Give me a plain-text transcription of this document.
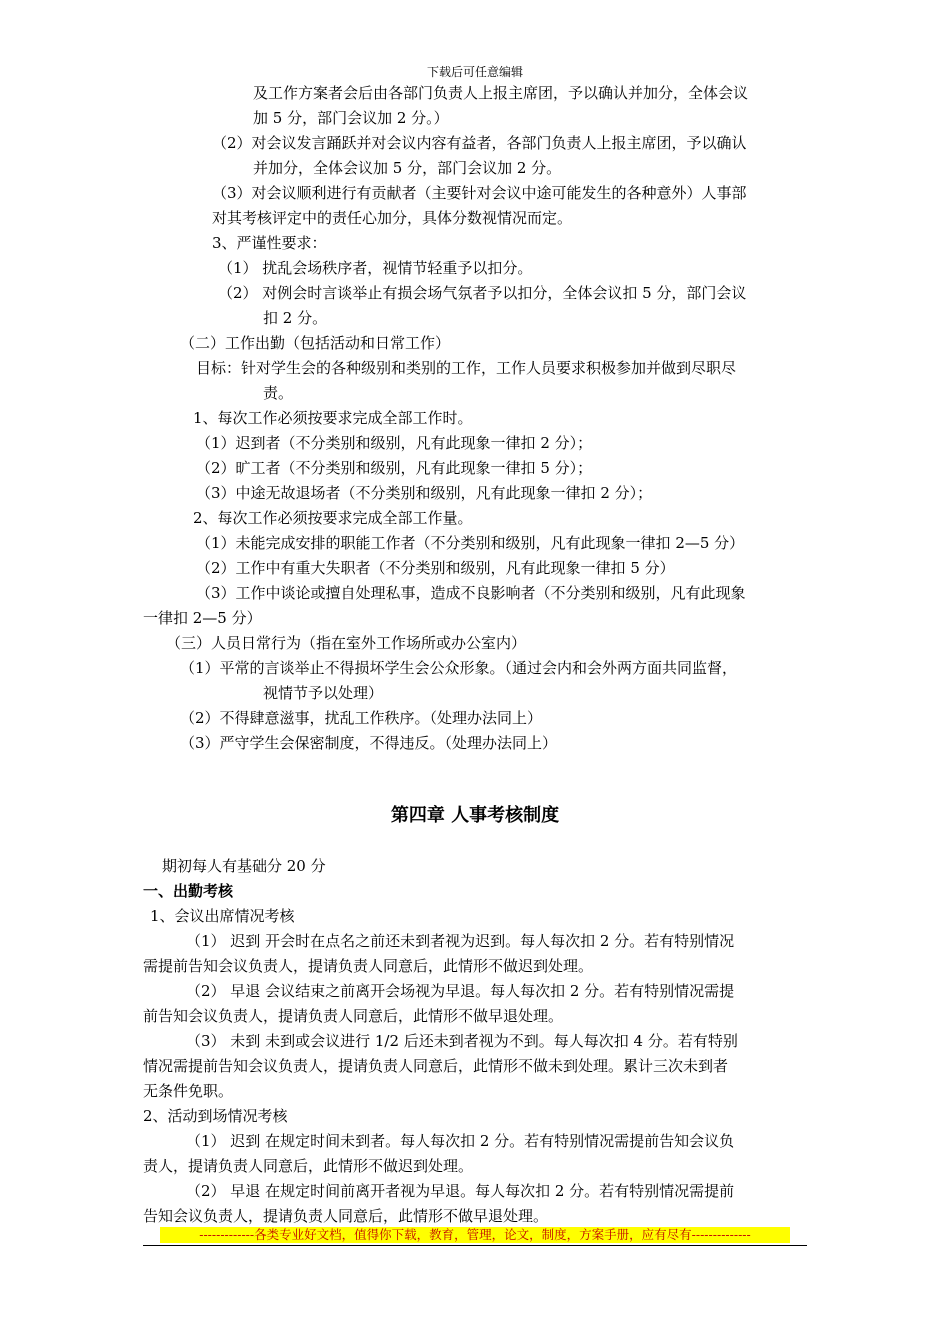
下载后可任意编辑
及工作方案者会后由各部门负责人上报主席团，予以确认并加分，全体会议
加 5 分，部门会议加 2 分。）
（2）对会议发言踊跃并对会议内容有益者，各部门负责人上报主席团，予以确认
并加分，全体会议加 5 分，部门会议加 2 分。
（3）对会议顺利进行有贡献者（主要针对会议中途可能发生的各种意外）人事部
对其考核评定中的责任心加分，具体分数视情况而定。
3、严谨性要求：
（1） 扰乱会场秩序者，视情节轻重予以扣分。
（2） 对例会时言谈举止有损会场气氛者予以扣分，全体会议扣 5 分，部门会议
扣 2 分。
（二）工作出勤（包括活动和日常工作）
目标：针对学生会的各种级别和类别的工作，工作人员要求积极参加并做到尽职尽
责。
1、每次工作必须按要求完成全部工作时。
（1）迟到者（不分类别和级别，凡有此现象一律扣 2 分）；
（2）旷工者（不分类别和级别，凡有此现象一律扣 5 分）；
（3）中途无故退场者（不分类别和级别，凡有此现象一律扣 2 分）；
2、每次工作必须按要求完成全部工作量。
（1）未能完成安排的职能工作者（不分类别和级别，凡有此现象一律扣 2—5 分）
（2）工作中有重大失职者（不分类别和级别，凡有此现象一律扣 5 分）
（3）工作中谈论或擅自处理私事，造成不良影响者（不分类别和级别，凡有此现象
一律扣 2—5 分）
（三）人员日常行为（指在室外工作场所或办公室内）
（1）平常的言谈举止不得损坏学生会公众形象。（通过会内和会外两方面共同监督，
视情节予以处理）
（2）不得肆意滋事，扰乱工作秩序。（处理办法同上）
（3）严守学生会保密制度，不得违反。（处理办法同上）
第四章 人事考核制度
期初每人有基础分 20 分
一、出勤考核
1、会议出席情况考核
（1） 迟到 开会时在点名之前还未到者视为迟到。每人每次扣 2 分。若有特别情况
需提前告知会议负责人，提请负责人同意后，此情形不做迟到处理。
（2） 早退 会议结束之前离开会场视为早退。每人每次扣 2 分。若有特别情况需提
前告知会议负责人，提请负责人同意后，此情形不做早退处理。
（3） 未到 未到或会议进行 1/2 后还未到者视为不到。每人每次扣 4 分。若有特别
情况需提前告知会议负责人，提请负责人同意后，此情形不做未到处理。累计三次未到者
无条件免职。
2、活动到场情况考核
（1） 迟到 在规定时间未到者。每人每次扣 2 分。若有特别情况需提前告知会议负
责人，提请负责人同意后，此情形不做迟到处理。
（2） 早退 在规定时间前离开者视为早退。每人每次扣 2 分。若有特别情况需提前
告知会议负责人，提请负责人同意后，此情形不做早退处理。
-------------各类专业好文档，值得你下载，教育，管理，论文，制度，方案手册，应有尽有--------------
